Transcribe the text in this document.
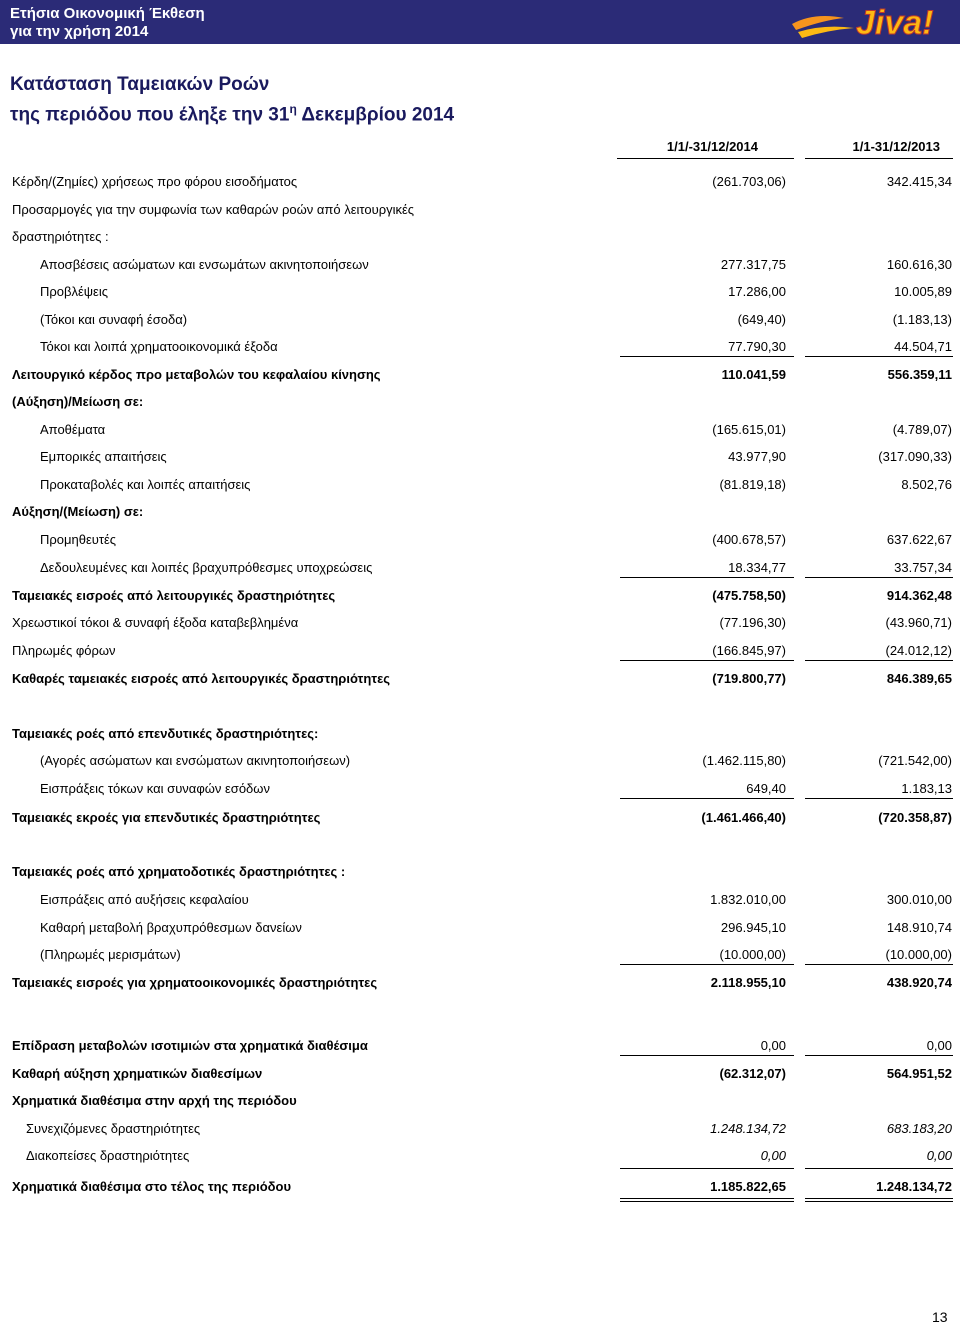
Ετήσια Οικονομική Έκθεση
για την χρήση 2014	Jiva!
Κατάσταση Ταμειακών Ροών
της περιόδου που έληξε την $31^\eta$ Δεκεμβρίου 2014
1/1/-31/12/2014	1/1-31/12/2013
Κέρδη/(Ζημίες) χρήσεως προ φόρου εισοδήματος	(261.703,06)	342.415,34
Προσαρμογές για την συμφωνία των καθαρών ροών από λειτουργικές
δραστηριότητες :
Αποσβέσεις ασώματων και ενσωμάτων ακινητοποιήσεων	277.317,75	160.616,30
Προβλέψεις	17.286,00	10.005,89
(Τόκοι και συναφή έσοδα)	(649,40)	(1.183,13)
Τόκοι και λοιπά χρηματοοικονομικά έξοδα	77.790,30	44.504,71
Λειτουργικό κέρδος προ μεταβολών του κεφαλαίου κίνησης	110.041,59	556.359,11
(Αύξηση)/Μείωση σε:
Αποθέματα	(165.615,01)	(4.789,07)
Εμπορικές απαιτήσεις	43.977,90	(317.090,33)
Προκαταβολές και λοιπές απαιτήσεις	(81.819,18)	8.502,76
Αύξηση/(Μείωση) σε:
Προμηθευτές	(400.678,57)	637.622,67
Δεδουλευμένες και λοιπές βραχυπρόθεσμες υποχρεώσεις	18.334,77	33.757,34
Ταμειακές εισροές από λειτουργικές δραστηριότητες	(475.758,50)	914.362,48
Χρεωστικοί τόκοι & συναφή έξοδα καταβεβλημένα	(77.196,30)	(43.960,71)
Πληρωμές φόρων	(166.845,97)	(24.012,12)
Καθαρές ταμειακές εισροές από λειτουργικές δραστηριότητες	(719.800,77)	846.389,65
Ταμειακές ροές από επενδυτικές δραστηριότητες:
(Αγορές ασώματων και ενσώματων ακινητοποιήσεων)	(1.462.115,80)	(721.542,00)
Εισπράξεις τόκων και συναφών εσόδων	649,40	1.183,13
Ταμειακές εκροές για επενδυτικές δραστηριότητες	(1.461.466,40)	(720.358,87)
Ταμειακές ροές από χρηματοδοτικές δραστηριότητες :
Εισπράξεις από αυξήσεις κεφαλαίου	1.832.010,00	300.010,00
Καθαρή μεταβολή βραχυπρόθεσμων δανείων	296.945,10	148.910,74
(Πληρωμές μερισμάτων)	(10.000,00)	(10.000,00)
Ταμειακές εισροές για χρηματοοικονομικές δραστηριότητες	2.118.955,10	438.920,74
Επίδραση μεταβολών ισοτιμιών στα χρηματικά διαθέσιμα	0,00	0,00
Καθαρή αύξηση χρηματικών διαθεσίμων	(62.312,07)	564.951,52
Χρηματικά διαθέσιμα στην αρχή της περιόδου
Συνεχιζόμενες δραστηριότητες	1.248.134,72	683.183,20
Διακοπείσες δραστηριότητες	0,00	0,00
Χρηματικά διαθέσιμα στο τέλος της περιόδου	1.185.822,65	1.248.134,72
13
